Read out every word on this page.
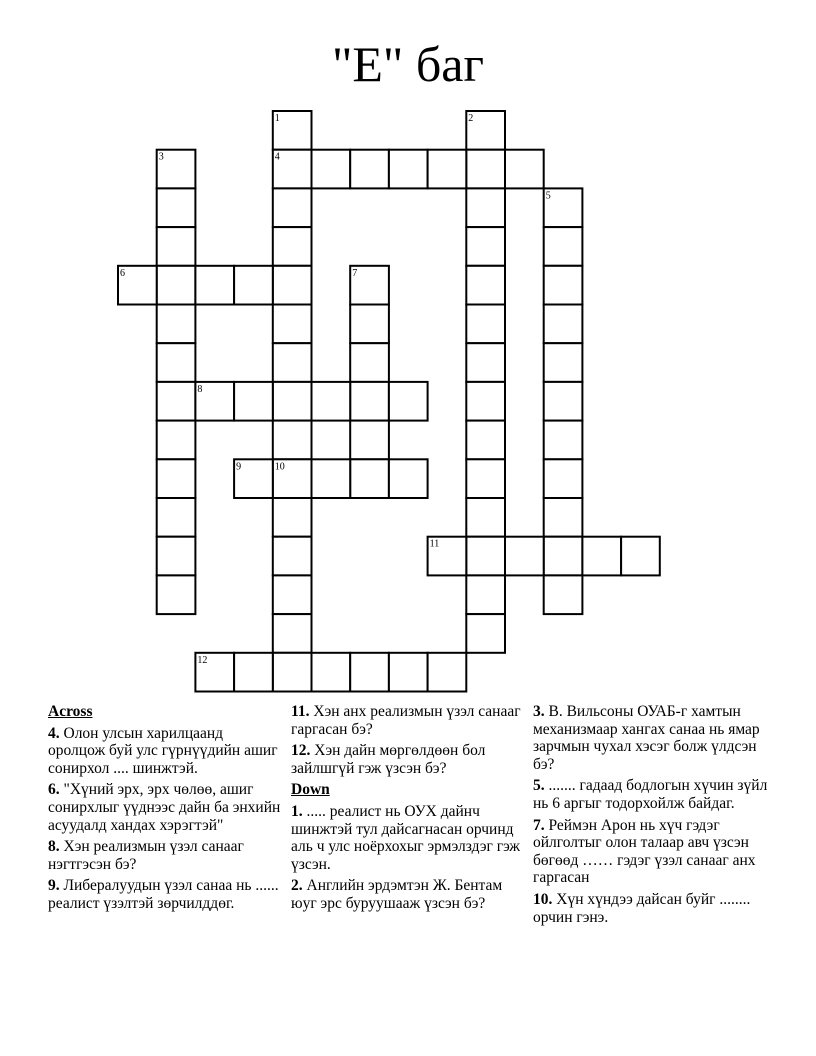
"Е" баг
1	2
3	4
5
6	7
8
9	10
11
12
Across
4. Олон улсын харилцаанд оролцож буй улс гүрнүүдийн ашиг сонирхол .... шинжтэй.
6. "Хүний эрх, эрх чөлөө, ашиг сонирхлыг үүднээс дайн ба энхийн асуудалд хандах хэрэгтэй"
8. Хэн реализмын үзэл санааг нэгтгэсэн бэ?
9. Либералуудын үзэл санаа нь ...... реалист үзэлтэй зөрчилддөг.
11. Хэн анх реализмын үзэл санааг гаргасан бэ?
12. Хэн дайн мөргөлдөөн бол зайлшгүй гэж үзсэн бэ?
Down
1. ..... реалист нь ОУХ дайнч шинжтэй тул дайсагнасан орчинд аль ч улс ноёрхохыг эрмэлздэг гэж үзсэн.
2. Английн эрдэмтэн Ж. Бентам юуг эрс буруушааж үзсэн бэ?
3. В. Вильсоны ОУАБ-г хамтын механизмаар хангах санаа нь ямар зарчмын чухал хэсэг болж үлдсэн бэ?
5. ....... гадаад бодлогын хүчин зүйл нь 6 аргыг тодорхойлж байдаг.
7. Реймэн Арон нь хүч гэдэг ойлголтыг олон талаар авч үзсэн бөгөөд …… гэдэг үзэл санааг анх гаргасан
10. Хүн хүндээ дайсан буйг ........ орчин гэнэ.
